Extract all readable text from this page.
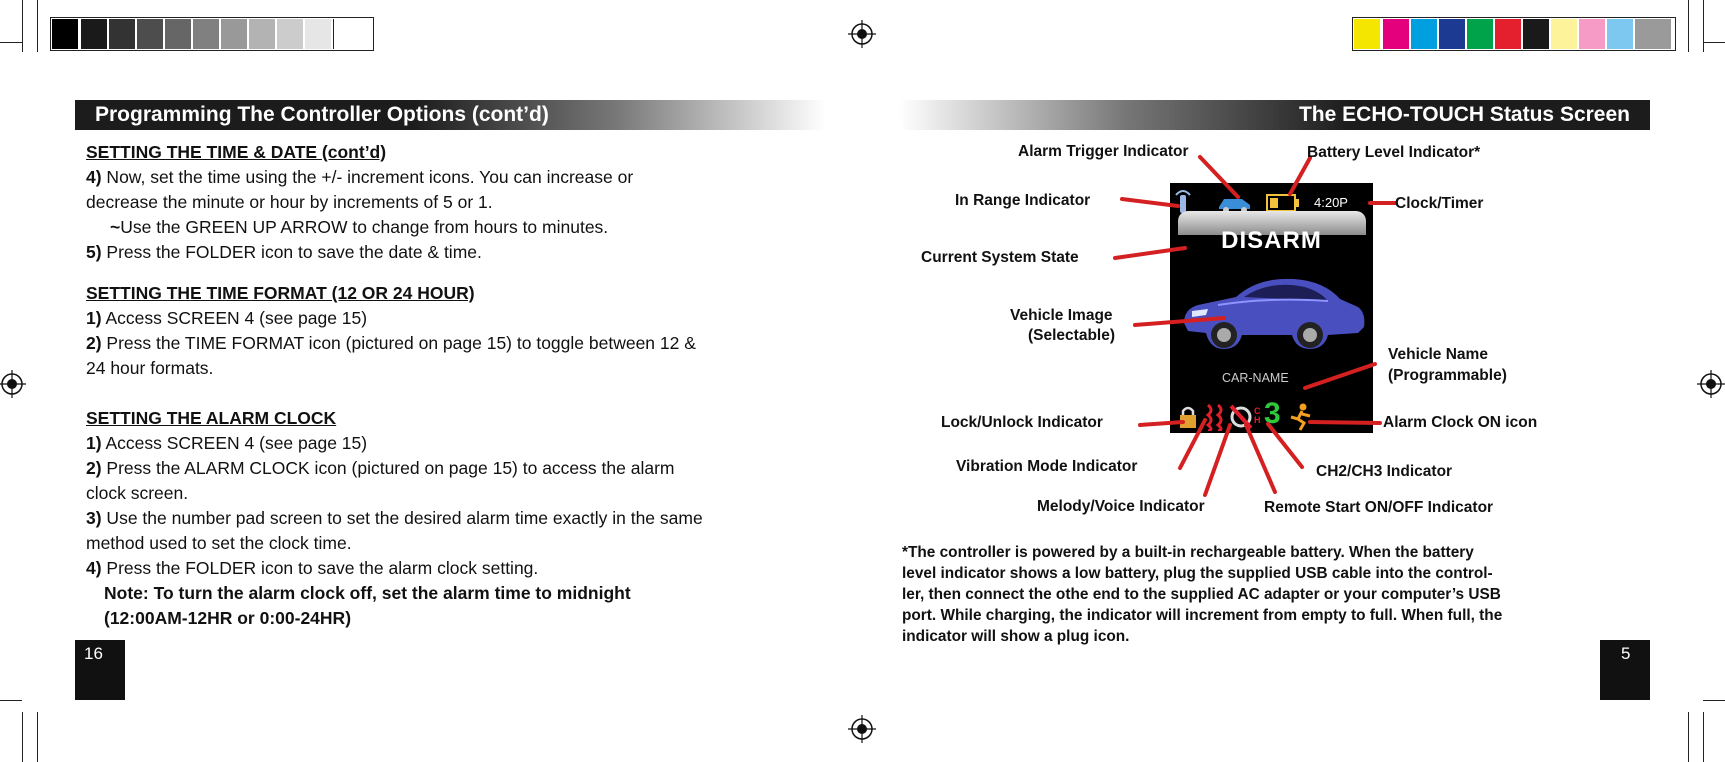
Programming The Controller Options (cont’d)

SETTING THE TIME & DATE (cont’d)

4) Now, set the time using the +/- increment icons. You can increase or

decrease the minute or hour by increments of 5 or 1.

~Use the GREEN UP ARROW to change from hours to minutes.

5) Press the FOLDER icon to save the date & time.

SETTING THE TIME FORMAT (12 OR 24 HOUR)

1) Access SCREEN 4 (see page 15)

2) Press the TIME FORMAT icon (pictured on page 15) to toggle between 12 &

24 hour formats.

SETTING THE ALARM CLOCK

1) Access SCREEN 4 (see page 15)

2) Press the ALARM CLOCK icon (pictured on page 15) to access the alarm

clock screen.

3) Use the number pad screen to set the desired alarm time exactly in the same

method used to set the clock time.

4) Press the FOLDER icon to save the alarm clock setting.

Note: To turn the alarm clock off, set the alarm time to midnight

(12:00AM-12HR or 0:00-24HR)

16
The ECHO-TOUCH Status Screen
4:20P
DISARM
CAR-NAME
C
H 3
Alarm Trigger Indicator	Battery Level Indicator*
In Range Indicator	Clock/Timer
Current System State
Vehicle Image
(Selectable)
Vehicle Name
(Programmable)
Lock/Unlock Indicator	Alarm Clock ON icon
Vibration Mode Indicator	CH2/CH3 Indicator
Melody/Voice Indicator	Remote Start ON/OFF Indicator
*The controller is powered by a built-in rechargeable battery. When the battery
level indicator shows a low battery, plug the supplied USB cable into the control-
ler, then connect the othe end to the supplied AC adapter or your computer’s USB
port. While charging, the indicator will increment from empty to full. When full, the
indicator will show a plug icon.
5
